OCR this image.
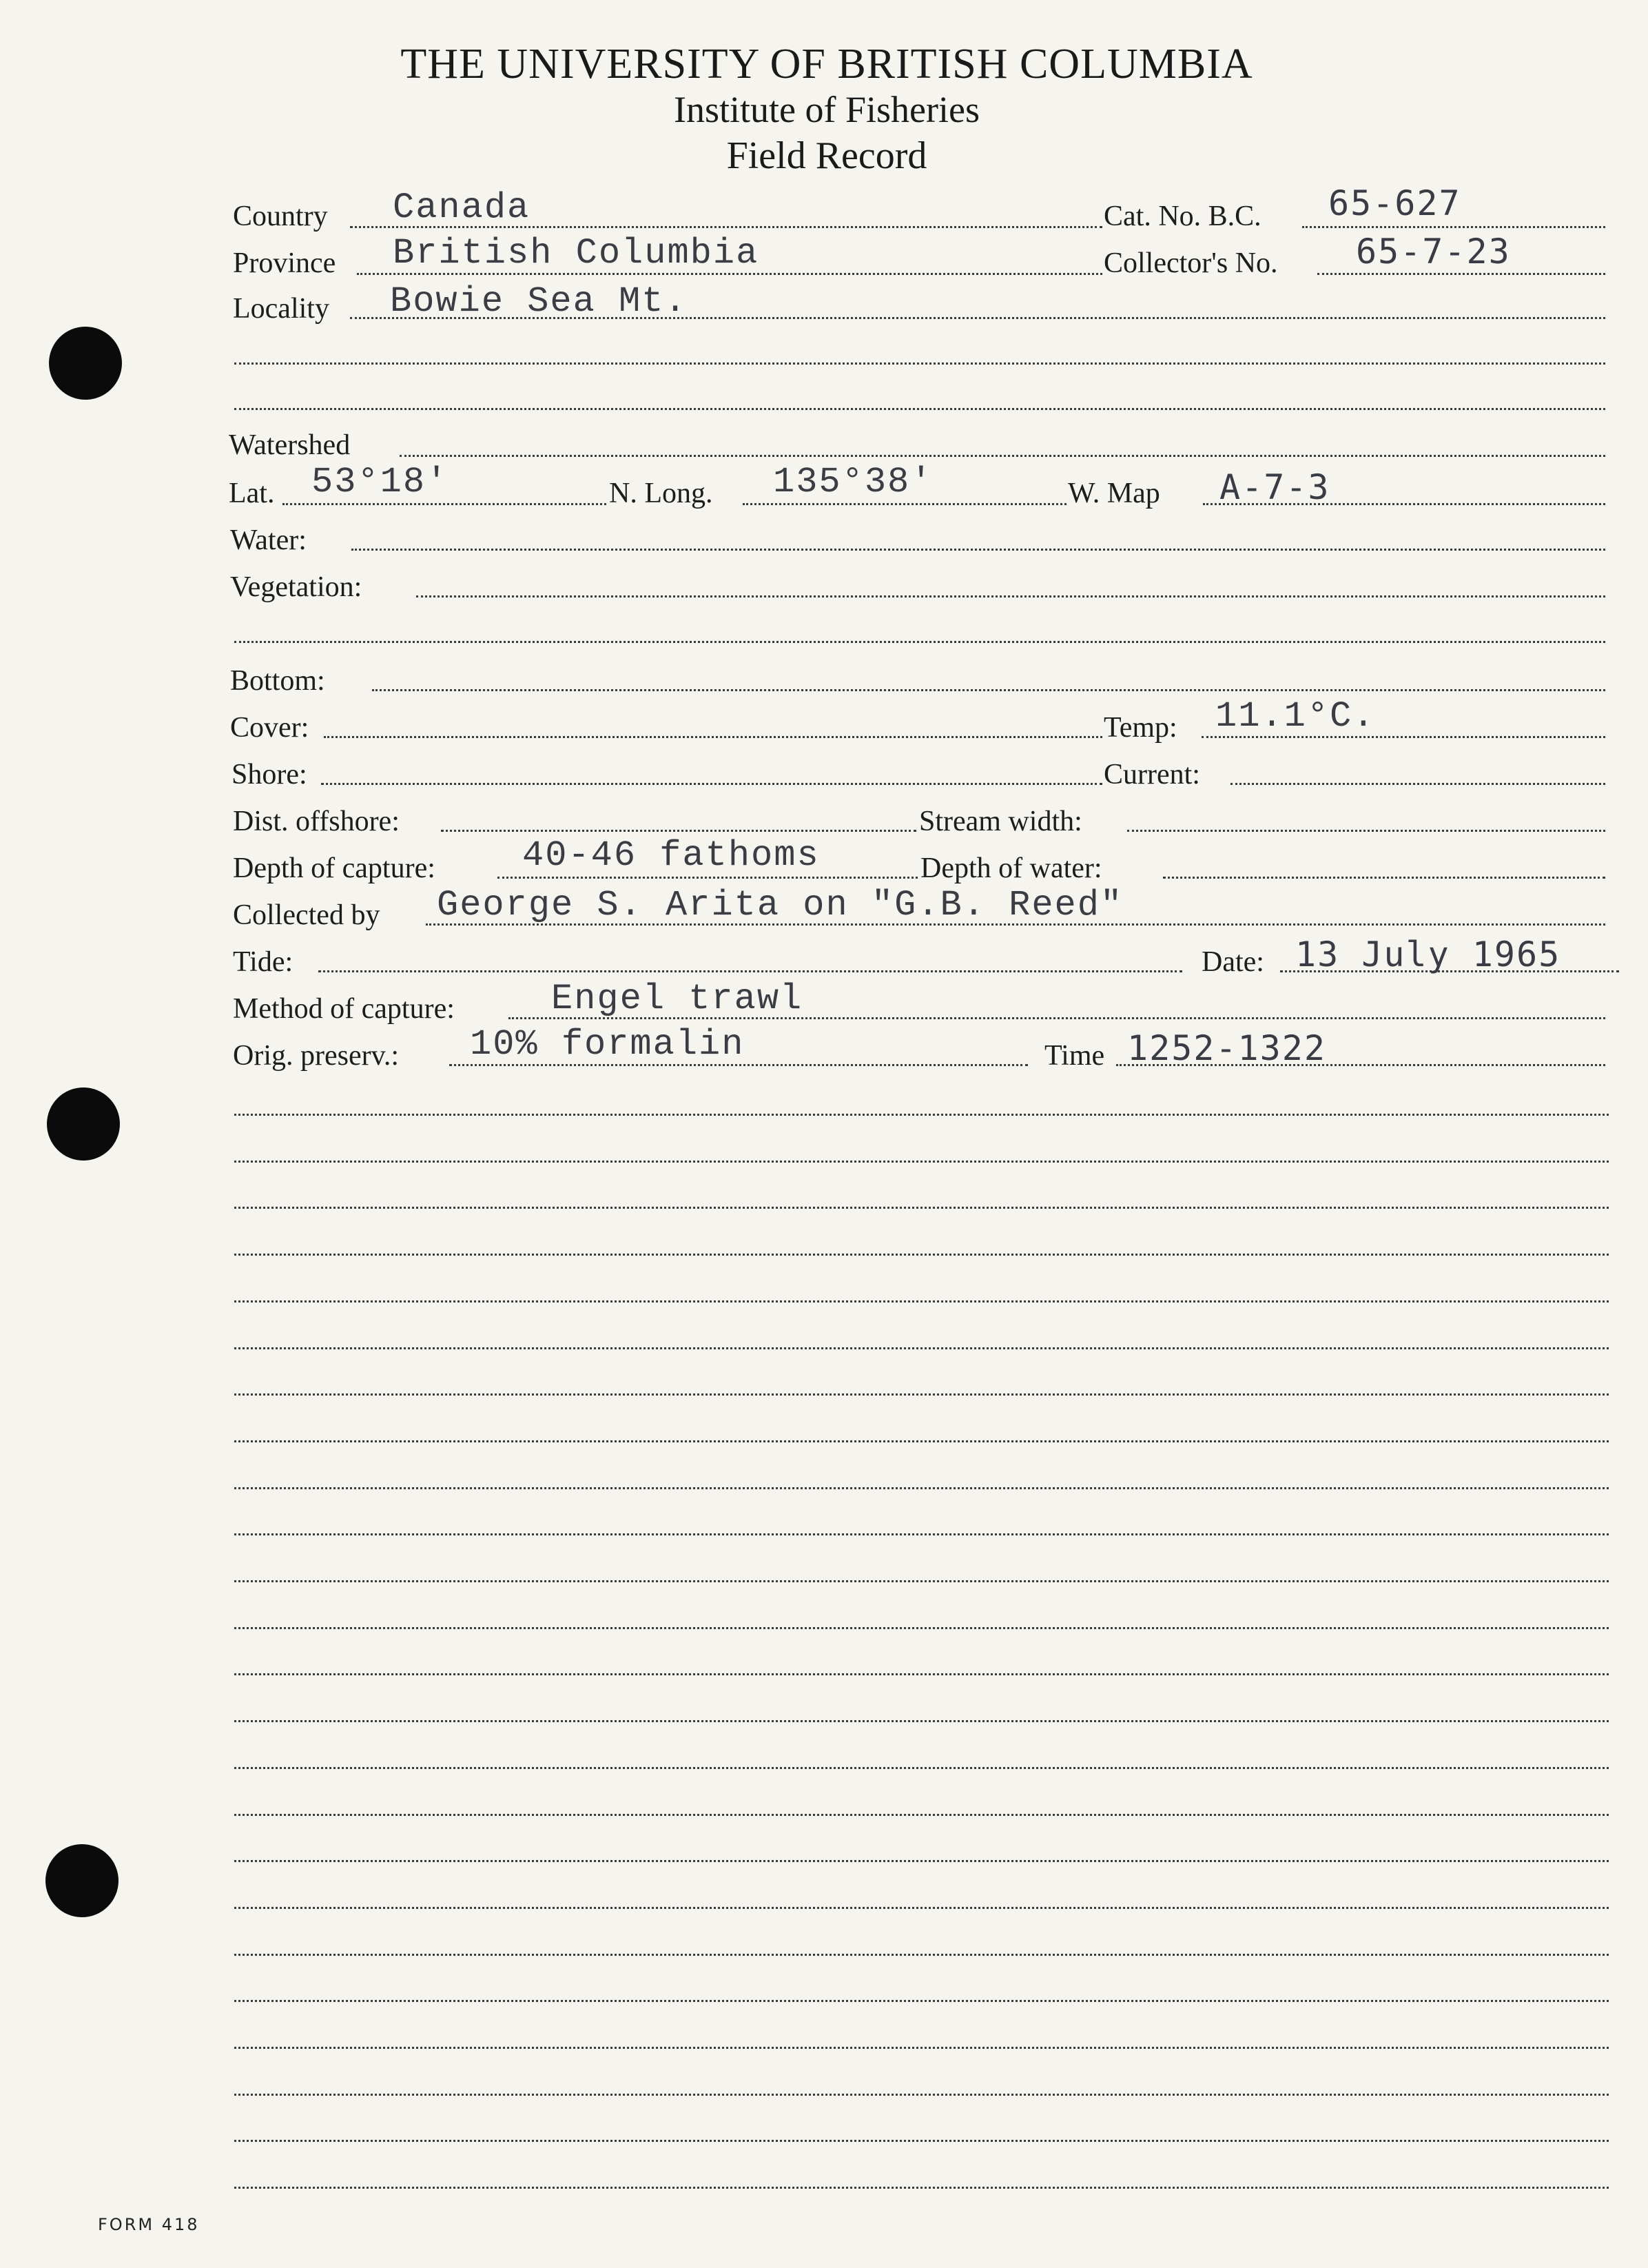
THE UNIVERSITY OF BRITISH COLUMBIA
Institute of Fisheries
Field Record
Country Canada	Cat. No. B.C. 65-627
Province British Columbia	Collector's No. 65-7-23
Locality Bowie Sea Mt.
Watershed
Lat. 53°18'	N. Long. 135°38'	W. Map A-7-3
Water:
Vegetation:
Bottom:
Cover:	Temp: 11.1°C.
Shore:	Current:
Dist. offshore:	Stream width:
Depth of capture: 40-46 fathoms	Depth of water:
Collected by George S. Arita on "G.B. Reed"
Tide:	Date: 13 July 1965
Method of capture:	Engel trawl
Orig. preserv.: 10% formalin	Time 1252-1322
FORM 418
